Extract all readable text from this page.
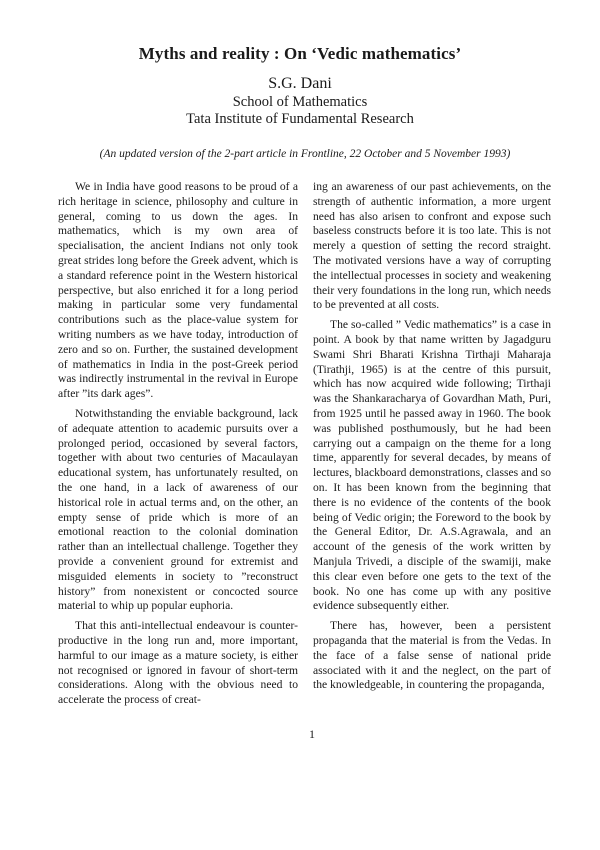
Myths and reality : On ‘Vedic mathematics’
S.G. Dani
School of Mathematics
Tata Institute of Fundamental Research
(An updated version of the 2-part article in Frontline, 22 October and 5 November 1993)

We in India have good reasons to be proud of a rich heritage in science, philosophy and culture in general, coming to us down the ages. In mathematics, which is my own area of specialisation, the ancient Indians not only took great strides long before the Greek advent, which is a standard reference point in the Western historical perspective, but also enriched it for a long period making in particular some very fundamental contributions such as the place-value system for writing numbers as we have today, introduction of zero and so on. Further, the sustained development of mathematics in India in the post-Greek period was indirectly instrumental in the revival in Europe after ”its dark ages”.

Notwithstanding the enviable background, lack of adequate attention to academic pursuits over a prolonged period, occasioned by several factors, together with about two centuries of Macaulayan educational system, has unfortunately resulted, on the one hand, in a lack of awareness of our historical role in actual terms and, on the other, an empty sense of pride which is more of an emotional reaction to the colonial domination rather than an intellectual challenge. Together they provide a convenient ground for extremist and misguided elements in society to ”reconstruct history” from nonexistent or concocted source material to whip up popular euphoria.

That this anti-intellectual endeavour is counter-productive in the long run and, more important, harmful to our image as a mature society, is either not recognised or ignored in favour of short-term considerations. Along with the obvious need to accelerate the process of creat-

ing an awareness of our past achievements, on the strength of authentic information, a more urgent need has also arisen to confront and expose such baseless constructs before it is too late. This is not merely a question of setting the record straight. The motivated versions have a way of corrupting the intellectual processes in society and weakening their very foundations in the long run, which needs to be prevented at all costs.

The so-called ” Vedic mathematics” is a case in point. A book by that name written by Jagadguru Swami Shri Bharati Krishna Tirthaji Maharaja (Tirathji, 1965) is at the centre of this pursuit, which has now acquired wide following; Tirthaji was the Shankaracharya of Govardhan Math, Puri, from 1925 until he passed away in 1960. The book was published posthumously, but he had been carrying out a campaign on the theme for a long time, apparently for several decades, by means of lectures, blackboard demonstrations, classes and so on. It has been known from the beginning that there is no evidence of the contents of the book being of Vedic origin; the Foreword to the book by the General Editor, Dr. A.S.Agrawala, and an account of the genesis of the work written by Manjula Trivedi, a disciple of the swamiji, make this clear even before one gets to the text of the book. No one has come up with any positive evidence subsequently either.

There has, however, been a persistent propaganda that the material is from the Vedas. In the face of a false sense of national pride associated with it and the neglect, on the part of the knowledgeable, in countering the propaganda,

1
